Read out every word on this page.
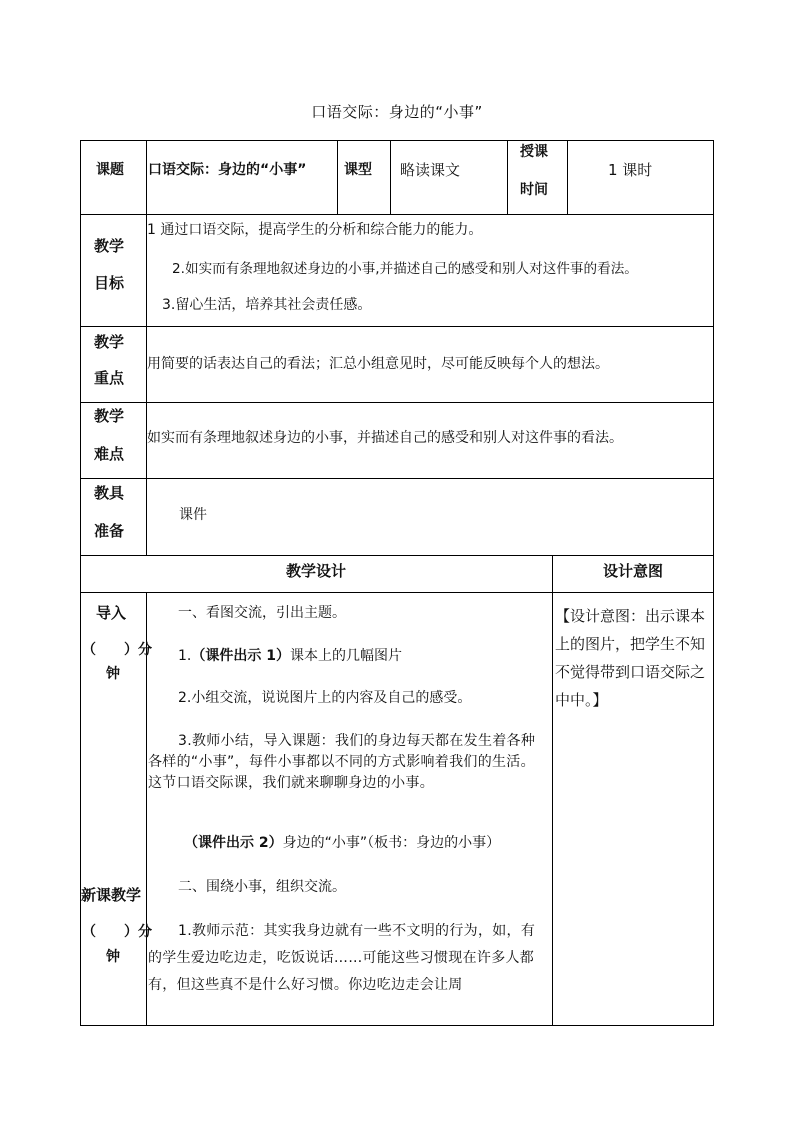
口语交际：身边的“小事”
课题 口语交际：身边的“小事”	课型 略读课文
授课
时间
1 课时
教学
目标
1 通过口语交际，提高学生的分析和综合能力的能力。
2.如实而有条理地叙述身边的小事,并描述自己的感受和别人对这件事的看法。
3.留心生活，培养其社会责任感。
教学
重点
用简要的话表达自己的看法；汇总小组意见时，尽可能反映每个人的想法。
教学
难点
如实而有条理地叙述身边的小事，并描述自己的感受和别人对这件事的看法。
教具
准备
课件
教学设计	设计意图
导入
（　　）分
钟
新课教学
（　　）分
钟
一、看图交流，引出主题。
1.（课件出示 1）课本上的几幅图片
2.小组交流，说说图片上的内容及自己的感受。
3.教师小结，导入课题：我们的身边每天都在发生着各种各样的“小事”，每件小事都以不同的方式影响着我们的生活。这节口语交际课，我们就来聊聊身边的小事。
（课件出示 2）身边的“小事”（板书：身边的小事）
二、围绕小事，组织交流。
1.教师示范：其实我身边就有一些不文明的行为，如，有的学生爱边吃边走，吃饭说话……可能这些习惯现在许多人都有，但这些真不是什么好习惯。你边吃边走会让周
【设计意图：出示课本上的图片，把学生不知不觉得带到口语交际之中中。】
